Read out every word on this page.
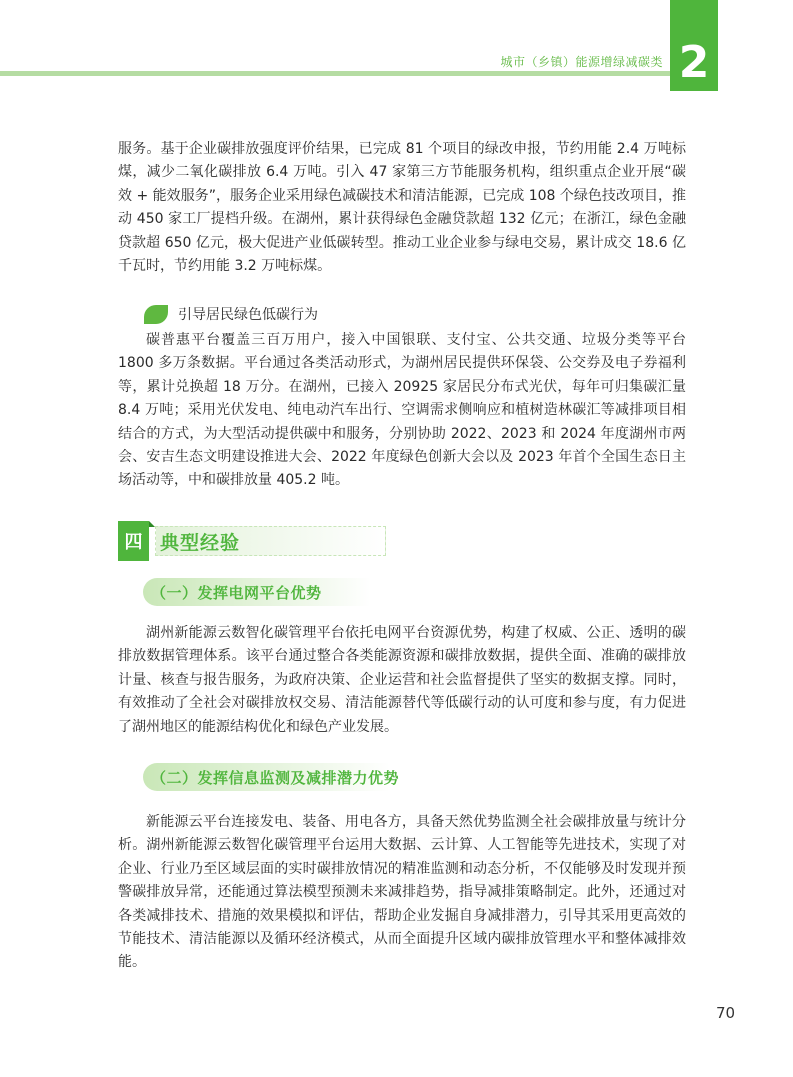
城市（乡镇）能源增绿减碳类 2

服务。基于企业碳排放强度评价结果，已完成 81 个项目的绿改申报，节约用能 2.4 万吨标煤，减少二氧化碳排放 6.4 万吨。引入 47 家第三方节能服务机构，组织重点企业开展“碳效 + 能效服务”，服务企业采用绿色减碳技术和清洁能源，已完成 108 个绿色技改项目，推动 450 家工厂提档升级。在湖州，累计获得绿色金融贷款超 132 亿元；在浙江，绿色金融贷款超 650 亿元，极大促进产业低碳转型。推动工业企业参与绿电交易，累计成交 18.6 亿千瓦时，节约用能 3.2 万吨标煤。

引导居民绿色低碳行为

碳普惠平台覆盖三百万用户，接入中国银联、支付宝、公共交通、垃圾分类等平台 1800 多万条数据。平台通过各类活动形式，为湖州居民提供环保袋、公交券及电子券福利等，累计兑换超 18 万分。在湖州，已接入 20925 家居民分布式光伏，每年可归集碳汇量 8.4 万吨；采用光伏发电、纯电动汽车出行、空调需求侧响应和植树造林碳汇等减排项目相结合的方式，为大型活动提供碳中和服务，分别协助 2022、2023 和 2024 年度湖州市两会、安吉生态文明建设推进大会、2022 年度绿色创新大会以及 2023 年首个全国生态日主场活动等，中和碳排放量 405.2 吨。

四 典型经验
（一）发挥电网平台优势

湖州新能源云数智化碳管理平台依托电网平台资源优势，构建了权威、公正、透明的碳排放数据管理体系。该平台通过整合各类能源资源和碳排放数据，提供全面、准确的碳排放计量、核查与报告服务，为政府决策、企业运营和社会监督提供了坚实的数据支撑。同时，有效推动了全社会对碳排放权交易、清洁能源替代等低碳行动的认可度和参与度，有力促进了湖州地区的能源结构优化和绿色产业发展。

（二）发挥信息监测及减排潜力优势

新能源云平台连接发电、装备、用电各方，具备天然优势监测全社会碳排放量与统计分析。湖州新能源云数智化碳管理平台运用大数据、云计算、人工智能等先进技术，实现了对企业、行业乃至区域层面的实时碳排放情况的精准监测和动态分析，不仅能够及时发现并预警碳排放异常，还能通过算法模型预测未来减排趋势，指导减排策略制定。此外，还通过对各类减排技术、措施的效果模拟和评估，帮助企业发掘自身减排潜力，引导其采用更高效的节能技术、清洁能源以及循环经济模式，从而全面提升区域内碳排放管理水平和整体减排效能。

70
